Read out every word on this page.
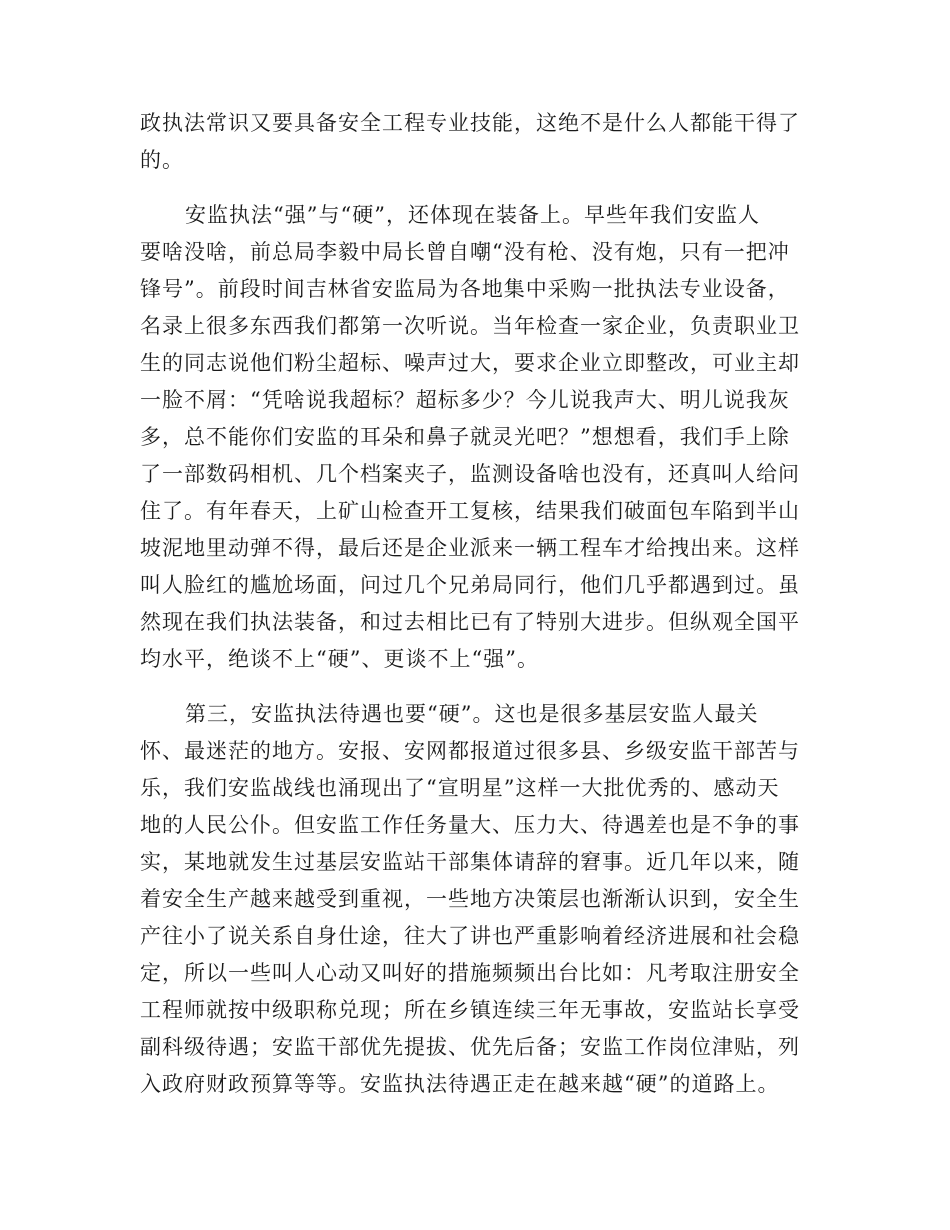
政执法常识又要具备安全工程专业技能，这绝不是什么人都能干得了
的。
安监执法“强”与“硬”，还体现在装备上。早些年我们安监人
要啥没啥，前总局李毅中局长曾自嘲“没有枪、没有炮，只有一把冲
锋号”。前段时间吉林省安监局为各地集中采购一批执法专业设备，
名录上很多东西我们都第一次听说。当年检查一家企业，负责职业卫
生的同志说他们粉尘超标、噪声过大，要求企业立即整改，可业主却
一脸不屑：“凭啥说我超标？超标多少？今儿说我声大、明儿说我灰
多，总不能你们安监的耳朵和鼻子就灵光吧？”想想看，我们手上除
了一部数码相机、几个档案夹子，监测设备啥也没有，还真叫人给问
住了。有年春天，上矿山检查开工复核，结果我们破面包车陷到半山
坡泥地里动弹不得，最后还是企业派来一辆工程车才给拽出来。这样
叫人脸红的尴尬场面，问过几个兄弟局同行，他们几乎都遇到过。虽
然现在我们执法装备，和过去相比已有了特别大进步。但纵观全国平
均水平，绝谈不上“硬”、更谈不上“强”。
第三，安监执法待遇也要“硬”。这也是很多基层安监人最关
怀、最迷茫的地方。安报、安网都报道过很多县、乡级安监干部苦与
乐，我们安监战线也涌现出了“宣明星”这样一大批优秀的、感动天
地的人民公仆。但安监工作任务量大、压力大、待遇差也是不争的事
实，某地就发生过基层安监站干部集体请辞的窘事。近几年以来，随
着安全生产越来越受到重视，一些地方决策层也渐渐认识到，安全生
产往小了说关系自身仕途，往大了讲也严重影响着经济进展和社会稳
定，所以一些叫人心动又叫好的措施频频出台比如：凡考取注册安全
工程师就按中级职称兑现；所在乡镇连续三年无事故，安监站长享受
副科级待遇；安监干部优先提拔、优先后备；安监工作岗位津贴，列
入政府财政预算等等。安监执法待遇正走在越来越“硬”的道路上。
